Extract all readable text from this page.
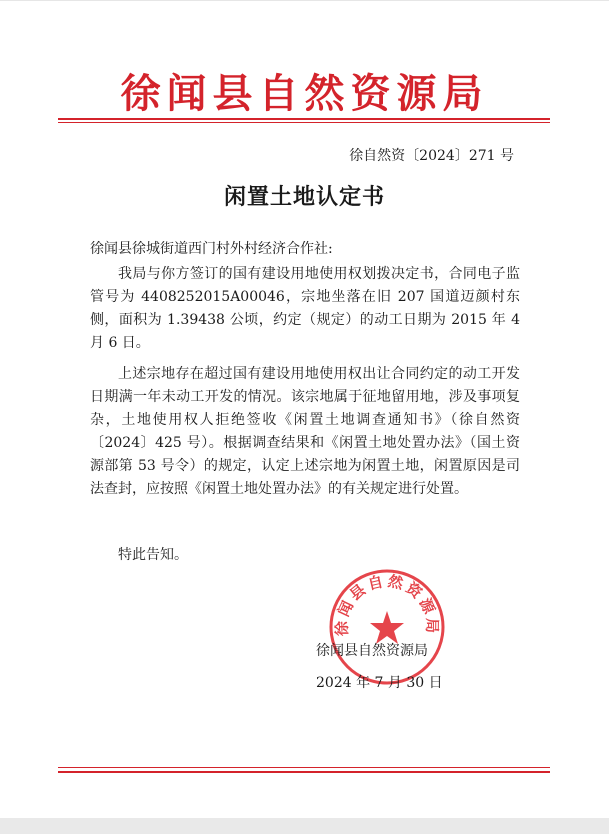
徐闻县自然资源局
徐自然资〔2024〕271 号
闲置土地认定书
徐闻县徐城街道西门村外村经济合作社:

我局与你方签订的国有建设用地使用权划拨决定书，合同电子监管号为 4408252015A00046，宗地坐落在旧 207 国道迈颜村东侧，面积为 1.39438 公顷，约定（规定）的动工日期为 2015 年 4 月 6 日。

上述宗地存在超过国有建设用地使用权出让合同约定的动工开发日期满一年未动工开发的情况。该宗地属于征地留用地，涉及事项复杂，土地使用权人拒绝签收《闲置土地调查通知书》（徐自然资〔2024〕425 号）。根据调查结果和《闲置土地处置办法》（国土资源部第 53 号令）的规定，认定上述宗地为闲置土地，闲置原因是司法查封，应按照《闲置土地处置办法》的有关规定进行处置。

特此告知。

徐闻县自然资源局
徐闻县自然资源局
2024 年 7 月 30 日
